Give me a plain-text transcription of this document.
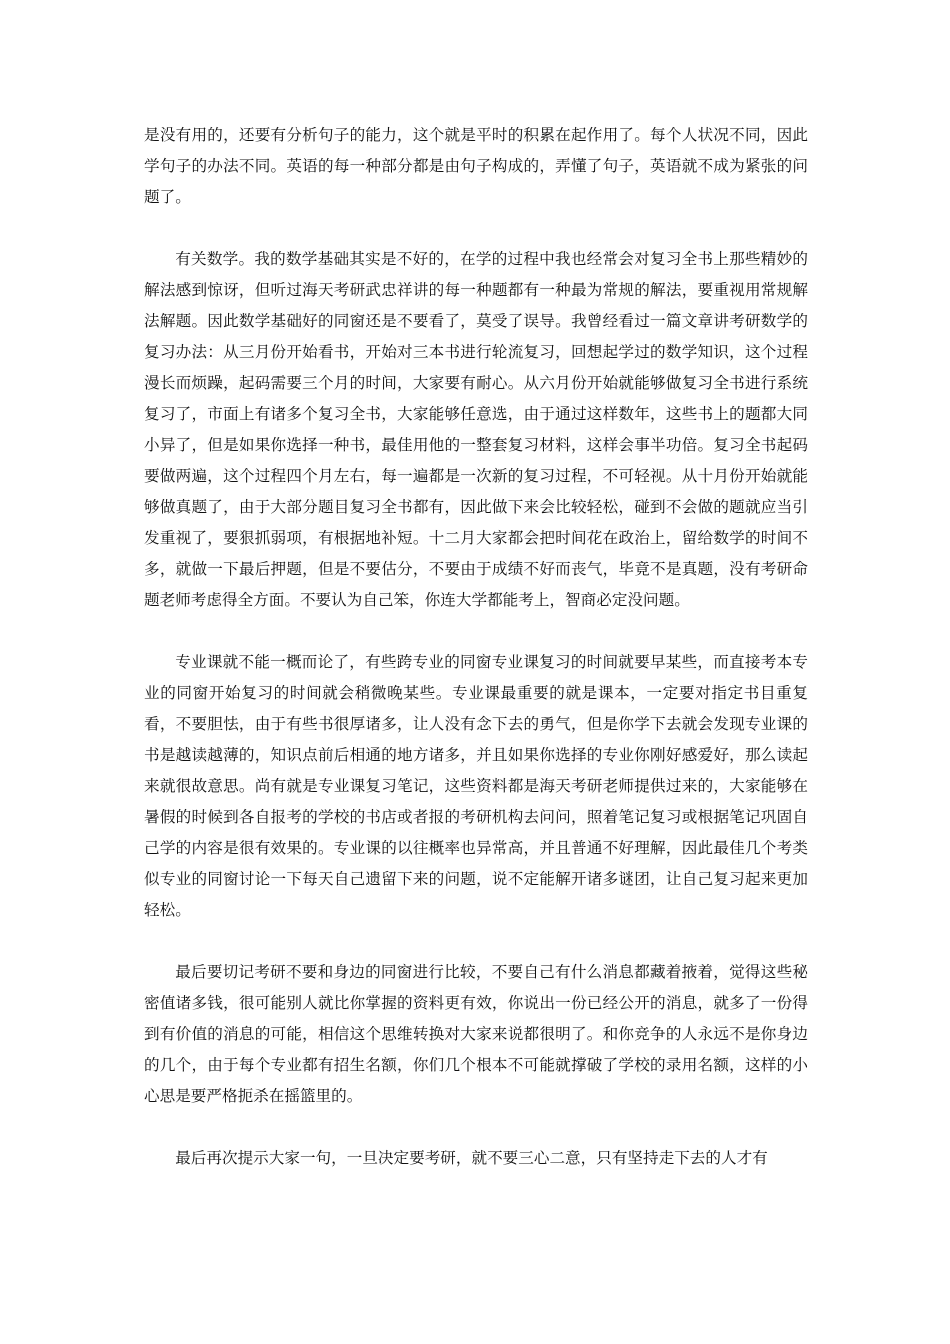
是没有用的，还要有分析句子的能力，这个就是平时的积累在起作用了。每个人状况不同，因此学句子的办法不同。英语的每一种部分都是由句子构成的，弄懂了句子，英语就不成为紧张的问题了。

有关数学。我的数学基础其实是不好的，在学的过程中我也经常会对复习全书上那些精妙的解法感到惊讶，但听过海天考研武忠祥讲的每一种题都有一种最为常规的解法，要重视用常规解法解题。因此数学基础好的同窗还是不要看了，莫受了误导。我曾经看过一篇文章讲考研数学的复习办法：从三月份开始看书，开始对三本书进行轮流复习，回想起学过的数学知识，这个过程漫长而烦躁，起码需要三个月的时间，大家要有耐心。从六月份开始就能够做复习全书进行系统复习了，市面上有诸多个复习全书，大家能够任意选，由于通过这样数年，这些书上的题都大同小异了，但是如果你选择一种书，最佳用他的一整套复习材料，这样会事半功倍。复习全书起码要做两遍，这个过程四个月左右，每一遍都是一次新的复习过程，不可轻视。从十月份开始就能够做真题了，由于大部分题目复习全书都有，因此做下来会比较轻松，碰到不会做的题就应当引发重视了，要狠抓弱项，有根据地补短。十二月大家都会把时间花在政治上，留给数学的时间不多，就做一下最后押题，但是不要估分，不要由于成绩不好而丧气，毕竟不是真题，没有考研命题老师考虑得全方面。不要认为自己笨，你连大学都能考上，智商必定没问题。

专业课就不能一概而论了，有些跨专业的同窗专业课复习的时间就要早某些，而直接考本专业的同窗开始复习的时间就会稍微晚某些。专业课最重要的就是课本，一定要对指定书目重复看，不要胆怯，由于有些书很厚诸多，让人没有念下去的勇气，但是你学下去就会发现专业课的书是越读越薄的，知识点前后相通的地方诸多，并且如果你选择的专业你刚好感爱好，那么读起来就很故意思。尚有就是专业课复习笔记，这些资料都是海天考研老师提供过来的，大家能够在暑假的时候到各自报考的学校的书店或者报的考研机构去问问，照着笔记复习或根据笔记巩固自己学的内容是很有效果的。专业课的以往概率也异常高，并且普通不好理解，因此最佳几个考类似专业的同窗讨论一下每天自己遗留下来的问题，说不定能解开诸多谜团，让自己复习起来更加轻松。

最后要切记考研不要和身边的同窗进行比较，不要自己有什么消息都藏着掖着，觉得这些秘密值诸多钱，很可能别人就比你掌握的资料更有效，你说出一份已经公开的消息，就多了一份得到有价值的消息的可能，相信这个思维转换对大家来说都很明了。和你竞争的人永远不是你身边的几个，由于每个专业都有招生名额，你们几个根本不可能就撑破了学校的录用名额，这样的小心思是要严格扼杀在摇篮里的。

最后再次提示大家一句，一旦决定要考研，就不要三心二意，只有坚持走下去的人才有
